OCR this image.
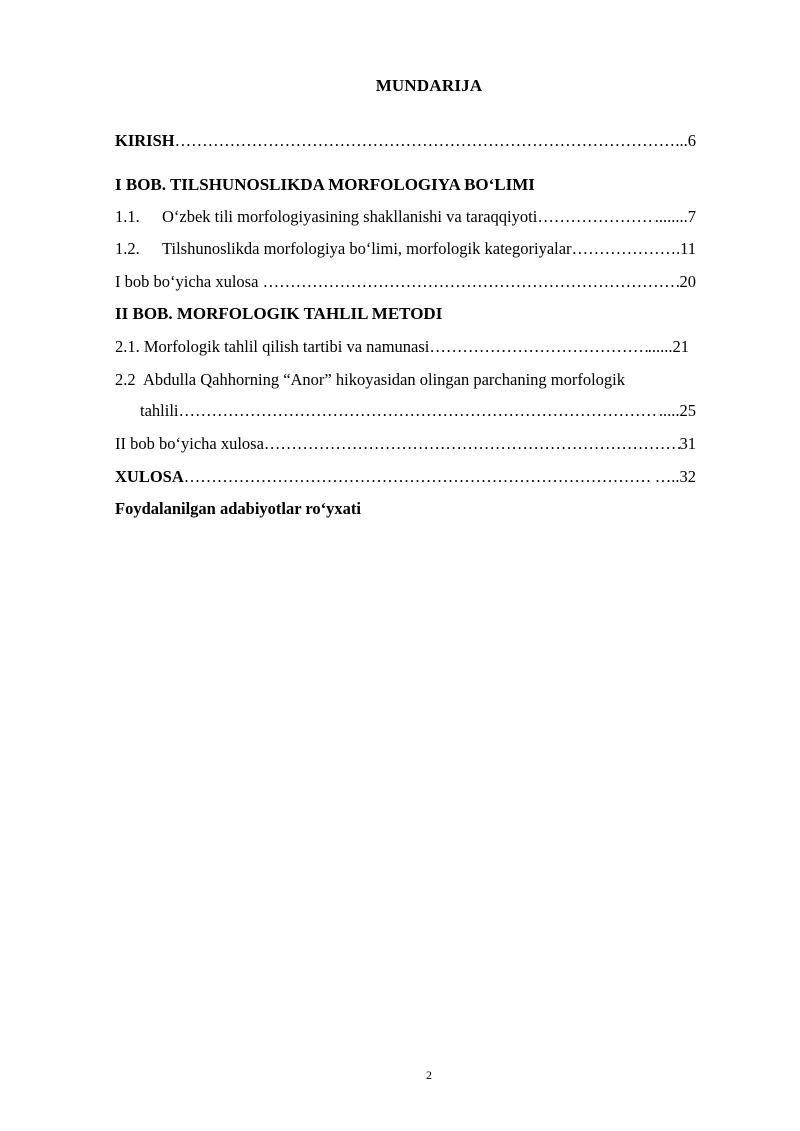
MUNDARIJA
KIRISH …………………………………………………………………………………………………………………………………………………………………………………………	... 6
I BOB. TILSHUNOSLIKDA MORFOLOGIYA BO‘LIMI
1.1.	O‘zbek tili morfologiyasining shakllanishi va taraqqiyoti …………………………………………………………………………………………………………………………………………………………………………………………	........ 7
1.2.	Tilshunoslikda morfologiya bo‘limi, morfologik kategoriyalar …………………………………………………………………………………………………………………………………………………………………………………………	. 11
I bob bo‘yicha xulosa …………………………………………………………………………………………………………………………………………………………………………………………	20
II BOB. MORFOLOGIK TAHLIL METODI
2.1. Morfologik tahlil qilish tartibi va namunasi …………………………………………………………………………………………………………………………………………………………………………………………	...... 21
2.2  Abdulla Qahhorning “Anor” hikoyasidan olingan parchaning morfologik
tahlili …………………………………………………………………………………………………………………………………………………………………………………………	..... 25
II bob bo‘yicha xulosa …………………………………………………………………………………………………………………………………………………………………………………………	31
XULOSA …………………………………………………………………………………………………………………………………………………………………………………………	….. 32
Foydalanilgan adabiyotlar ro‘yxati
2
